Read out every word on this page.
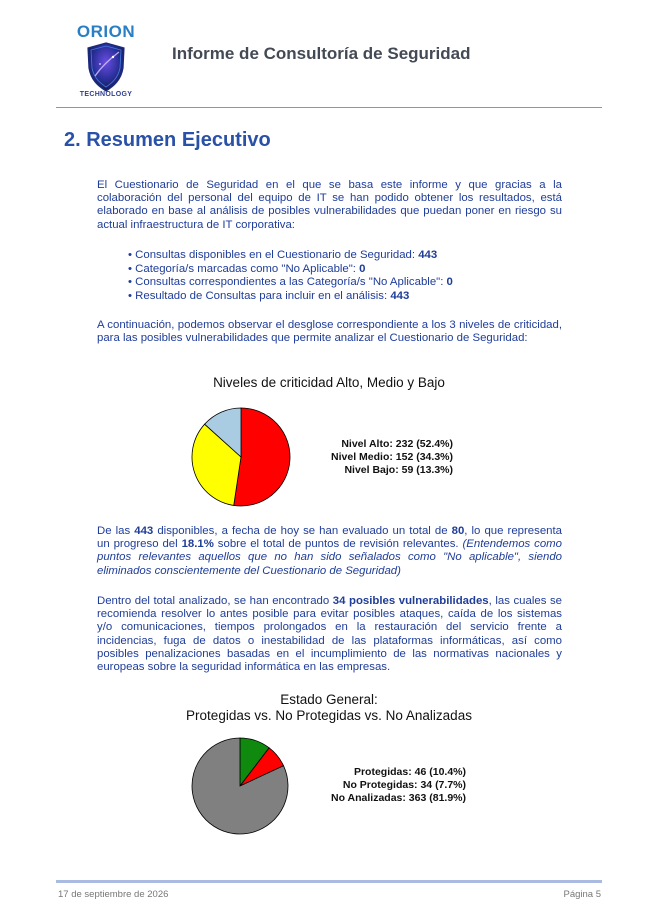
ORION
TECHNOLOGY
Informe de Consultoría de Seguridad
2. Resumen Ejecutivo

El Cuestionario de Seguridad en el que se basa este informe y que gracias a la colaboración del personal del equipo de IT se han podido obtener los resultados, está elaborado en base al análisis de posibles vulnerabilidades que puedan poner en riesgo su actual infraestructura de IT corporativa:

• Consultas disponibles en el Cuestionario de Seguridad: 443
• Categoría/s marcadas como "No Aplicable": 0
• Consultas correspondientes a las Categoría/s "No Aplicable": 0
• Resultado de Consultas para incluir en el análisis: 443

A continuación, podemos observar el desglose correspondiente a los 3 niveles de criticidad, para las posibles vulnerabilidades que permite analizar el Cuestionario de Seguridad:

Niveles de criticidad Alto, Medio y Bajo
Nivel Alto: 232 (52.4%)
Nivel Medio: 152 (34.3%)
Nivel Bajo: 59 (13.3%)

De las 443 disponibles, a fecha de hoy se han evaluado un total de 80, lo que representa un progreso del 18.1% sobre el total de puntos de revisión relevantes. (Entendemos como puntos relevantes aquellos que no han sido señalados como "No aplicable", siendo eliminados conscientemente del Cuestionario de Seguridad)

Dentro del total analizado, se han encontrado 34 posibles vulnerabilidades, las cuales se recomienda resolver lo antes posible para evitar posibles ataques, caída de los sistemas y/o comunicaciones, tiempos prolongados en la restauración del servicio frente a incidencias, fuga de datos o inestabilidad de las plataformas informáticas, así como posibles penalizaciones basadas en el incumplimiento de las normativas nacionales y europeas sobre la seguridad informática en las empresas.

Estado General:
Protegidas vs. No Protegidas vs. No Analizadas
Protegidas: 46 (10.4%)
No Protegidas: 34 (7.7%)
No Analizadas: 363 (81.9%)
17 de septiembre de 2026	Página 5
